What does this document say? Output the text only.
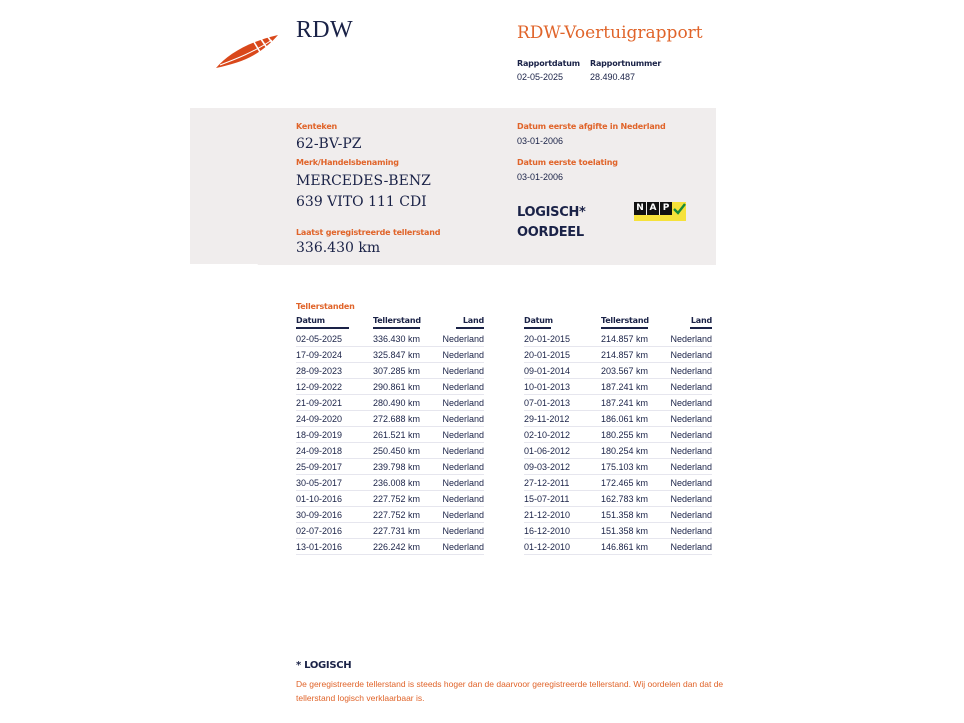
RDW	RDW-Voertuigrapport
Rapportdatum
02-05-2025
Rapportnummer
28.490.487
Kenteken
62-BV-PZ
Merk/Handelsbenaming
MERCEDES-BENZ
639 VITO 111 CDI
Laatst geregistreerde tellerstand
336.430 km
Datum eerste afgifte in Nederland
03-01-2006
Datum eerste toelating
03-01-2006
LOGISCH*
OORDEEL
N A P
Tellerstanden
Datum	Tellerstand	Land
02-05-2025	336.430 km Nederland
17-09-2024	325.847 km Nederland
28-09-2023	307.285 km Nederland
12-09-2022	290.861 km Nederland
21-09-2021	280.490 km Nederland
24-09-2020	272.688 km Nederland
18-09-2019	261.521 km Nederland
24-09-2018	250.450 km Nederland
25-09-2017	239.798 km Nederland
30-05-2017	236.008 km Nederland
01-10-2016	227.752 km Nederland
30-09-2016	227.752 km Nederland
02-07-2016	227.731 km Nederland
13-01-2016	226.242 km Nederland
Datum	Tellerstand	Land
20-01-2015	214.857 km Nederland
20-01-2015	214.857 km Nederland
09-01-2014	203.567 km Nederland
10-01-2013	187.241 km Nederland
07-01-2013	187.241 km Nederland
29-11-2012	186.061 km Nederland
02-10-2012	180.255 km Nederland
01-06-2012	180.254 km Nederland
09-03-2012	175.103 km Nederland
27-12-2011	172.465 km Nederland
15-07-2011	162.783 km Nederland
21-12-2010	151.358 km Nederland
16-12-2010	151.358 km Nederland
01-12-2010	146.861 km Nederland
* LOGISCH
De geregistreerde tellerstand is steeds hoger dan de daarvoor geregistreerde tellerstand. Wij oordelen dan dat de tellerstand logisch verklaarbaar is.
